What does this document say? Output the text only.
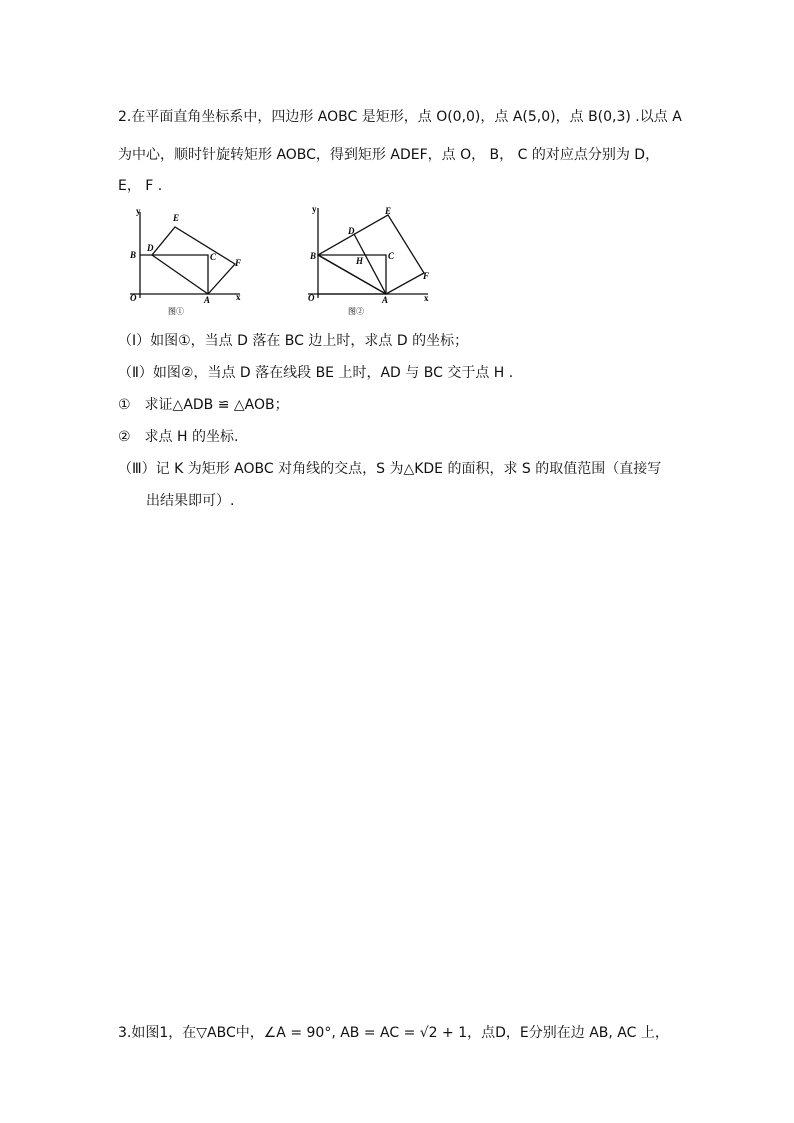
2.在平面直角坐标系中，四边形 AOBC 是矩形，点 O(0,0)，点 A(5,0)，点 B(0,3) .以点 A
为中心，顺时针旋转矩形 AOBC，得到矩形 ADEF，点 O， B， C 的对应点分别为 D，
E， F .
y
x
O	A
B	C
D
E
F
图①
y
x
O	A
B	C
D
E
F
H
图②
（Ⅰ）如图①，当点 D 落在 BC 边上时，求点 D 的坐标；
（Ⅱ）如图②，当点 D 落在线段 BE 上时，AD 与 BC 交于点 H .
①　求证△ADB ≌ △AOB；
②　求点 H 的坐标.
（Ⅲ）记 K 为矩形 AOBC 对角线的交点，S 为△KDE 的面积，求 S 的取值范围（直接写
出结果即可）.
3.如图1，在▽ABC中，∠A = 90°, AB = AC = √2 + 1，点D，E分别在边 AB, AC 上，
